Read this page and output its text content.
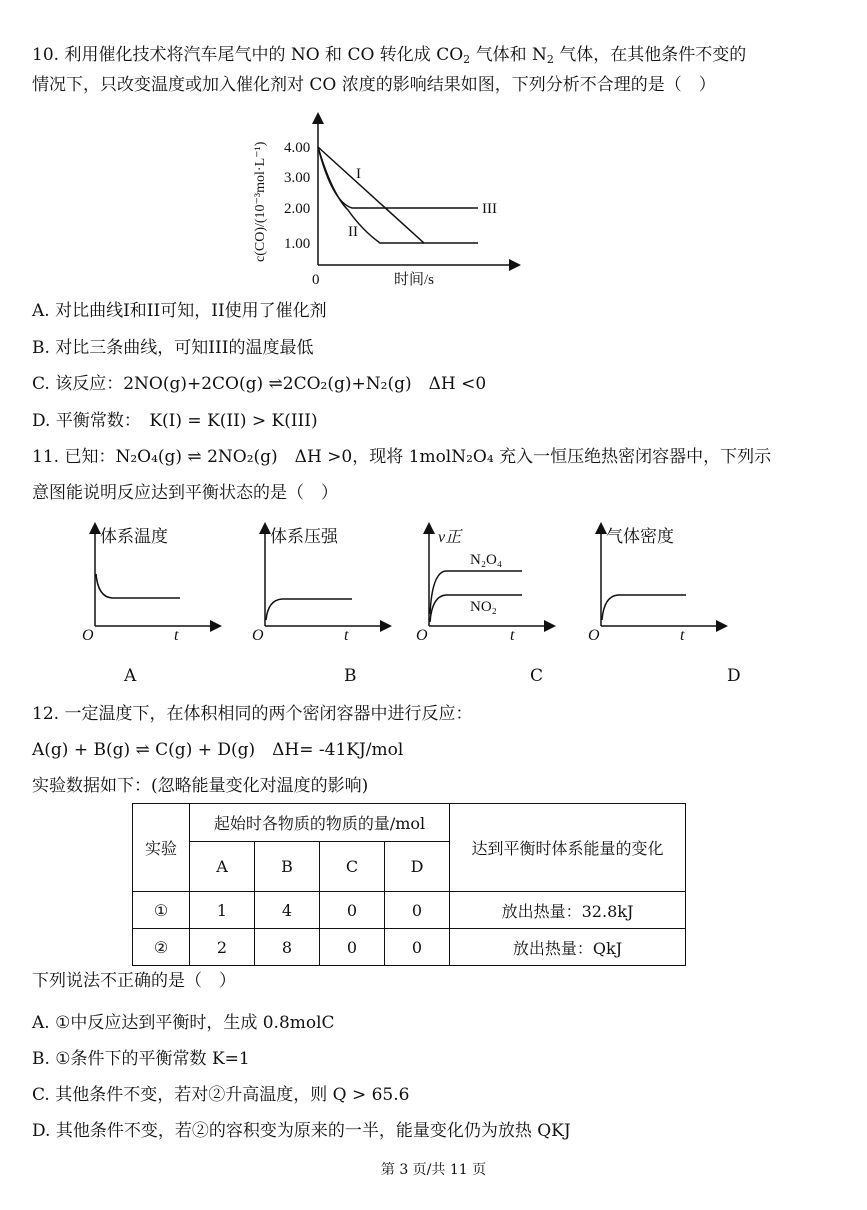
10. 利用催化技术将汽车尾气中的 NO 和 CO 转化成 $CO_2$ 气体和 $N_2$ 气体，在其他条件不变的
情况下，只改变温度或加入催化剂对 CO 浓度的影响结果如图，下列分析不合理的是（　）
c(CO)/(10⁻³mol·L⁻¹) 4.00
3.00
2.00
1.00
0	时间/s
I
II
III
A. 对比曲线I和II可知，II使用了催化剂
B. 对比三条曲线，可知III的温度最低
C. 该反应：2NO(g)+2CO(g) ⇌2CO₂(g)+N₂(g)　ΔH <0
D. 平衡常数：　K(I) = K(II) > K(III)
11. 已知：N₂O₄(g) ⇌ 2NO₂(g)　ΔH >0，现将 1molN₂O₄ 充入一恒压绝热密闭容器中，下列示
意图能说明反应达到平衡状态的是（　）
体系温度
O	t
A
体系压强
O	t
B
v正
O	t
N₂O₄
NO₂
C
气体密度
O	t
D
12. 一定温度下，在体积相同的两个密闭容器中进行反应：
A(g) + B(g) ⇌ C(g) + D(g)　ΔH= -41KJ/mol
实验数据如下：(忽略能量变化对温度的影响)
实验	起始时各物质的物质的量/mol				达到平衡时体系能量的变化
	A	B	C	D	
①	1	4	0	0	放出热量：32.8kJ
②	2	8	0	0	放出热量：QkJ
下列说法不正确的是（　）
A. ①中反应达到平衡时，生成 0.8molC
B. ①条件下的平衡常数 K=1
C. 其他条件不变，若对②升高温度，则 Q > 65.6
D. 其他条件不变，若②的容积变为原来的一半，能量变化仍为放热 QKJ
第 3 页/共 11 页
